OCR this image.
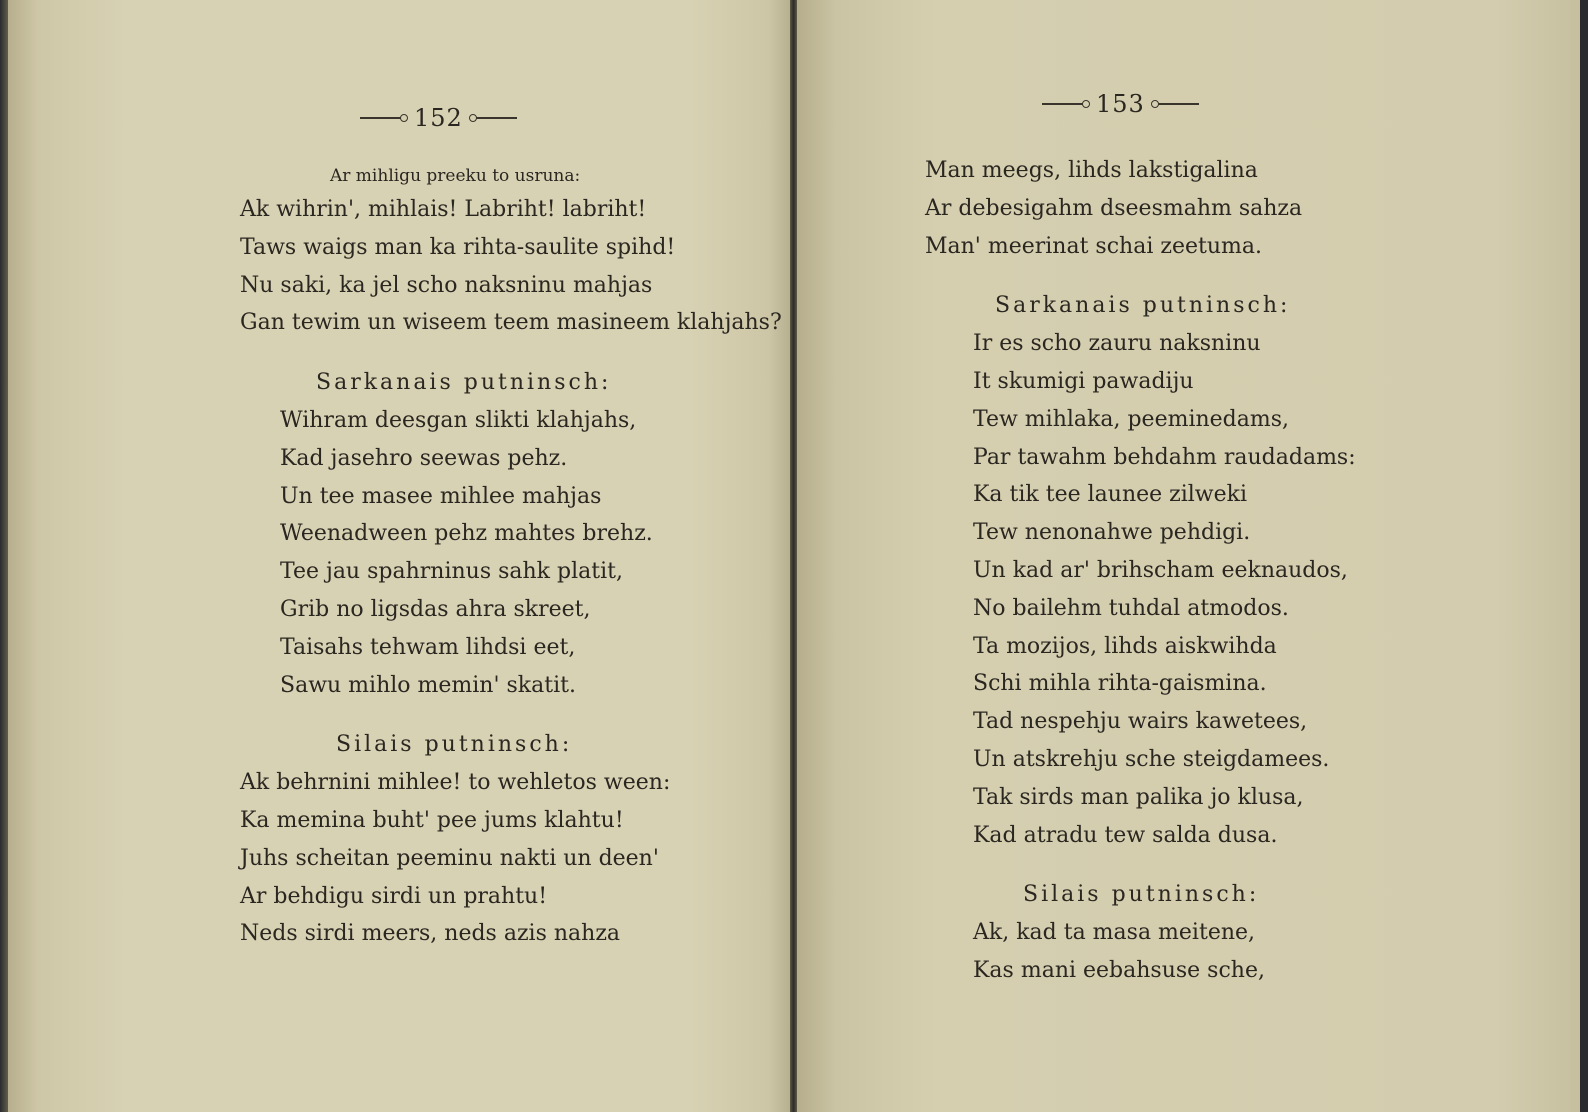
152
Ar mihligu preeku to usruna:
Ak wihrin', mihlais! Labriht! labriht!
Taws waigs man ka rihta-saulite spihd!
Nu saki, ka jel scho naksninu mahjas
Gan tewim un wiseem teem masineem klahjahs?
Sarkanais putninsch:
Wihram deesgan slikti klahjahs,
Kad jasehro seewas pehz.
Un tee masee mihlee mahjas
Weenadween pehz mahtes brehz.
Tee jau spahrninus sahk platit,
Grib no ligsdas ahra skreet,
Taisahs tehwam lihdsi eet,
Sawu mihlo memin' skatit.
Silais putninsch:
Ak behrnini mihlee! to wehletos ween:
Ka memina buht' pee jums klahtu!
Juhs scheitan peeminu nakti un deen'
Ar behdigu sirdi un prahtu!
Neds sirdi meers, neds azis nahza
153
Man meegs, lihds lakstigalina
Ar debesigahm dseesmahm sahza
Man' meerinat schai zeetuma.
Sarkanais putninsch:
Ir es scho zauru naksninu
It skumigi pawadiju
Tew mihlaka, peeminedams,
Par tawahm behdahm raudadams:
Ka tik tee launee zilweki
Tew nenonahwe pehdigi.
Un kad ar' brihscham eeknaudos,
No bailehm tuhdal atmodos.
Ta mozijos, lihds aiskwihda
Schi mihla rihta-gaismina.
Tad nespehju wairs kawetees,
Un atskrehju sche steigdamees.
Tak sirds man palika jo klusa,
Kad atradu tew salda dusa.
Silais putninsch:
Ak, kad ta masa meitene,
Kas mani eebahsuse sche,
